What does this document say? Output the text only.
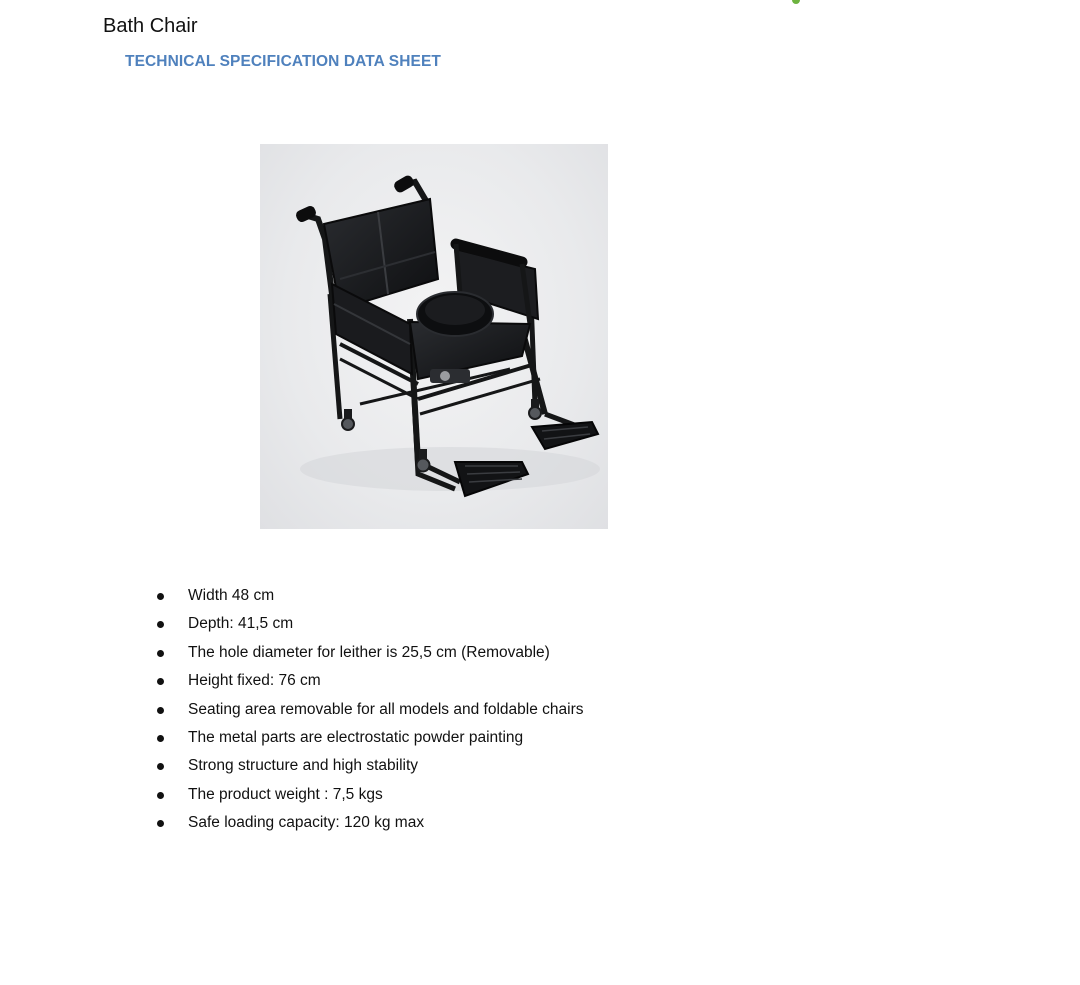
Bath Chair
TECHNICAL SPECIFICATION DATA SHEET
Width 48 cm
Depth: 41,5 cm
The hole diameter for leither is 25,5 cm (Removable)
Height fixed: 76 cm
Seating area removable for all models and foldable chairs
The metal parts are electrostatic powder painting
Strong structure and high stability
The product weight : 7,5 kgs
Safe loading capacity: 120 kg max
